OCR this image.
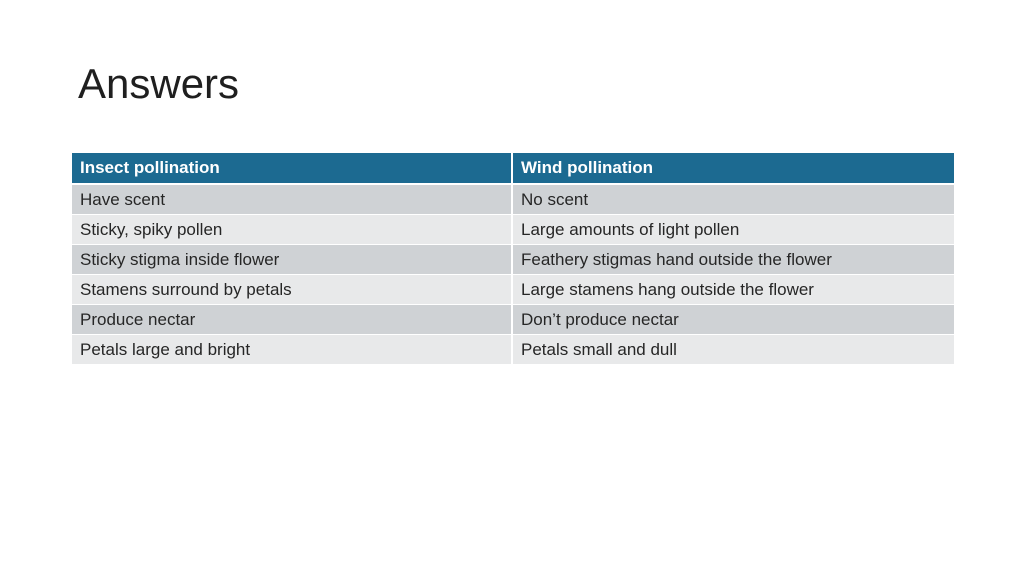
Answers
Insect pollination	Wind pollination
Have scent	No scent
Sticky, spiky pollen	Large amounts of light pollen
Sticky stigma inside flower	Feathery stigmas hand outside the flower
Stamens surround by petals	Large stamens hang outside the flower
Produce nectar	Don’t produce nectar
Petals large and bright	Petals small and dull
